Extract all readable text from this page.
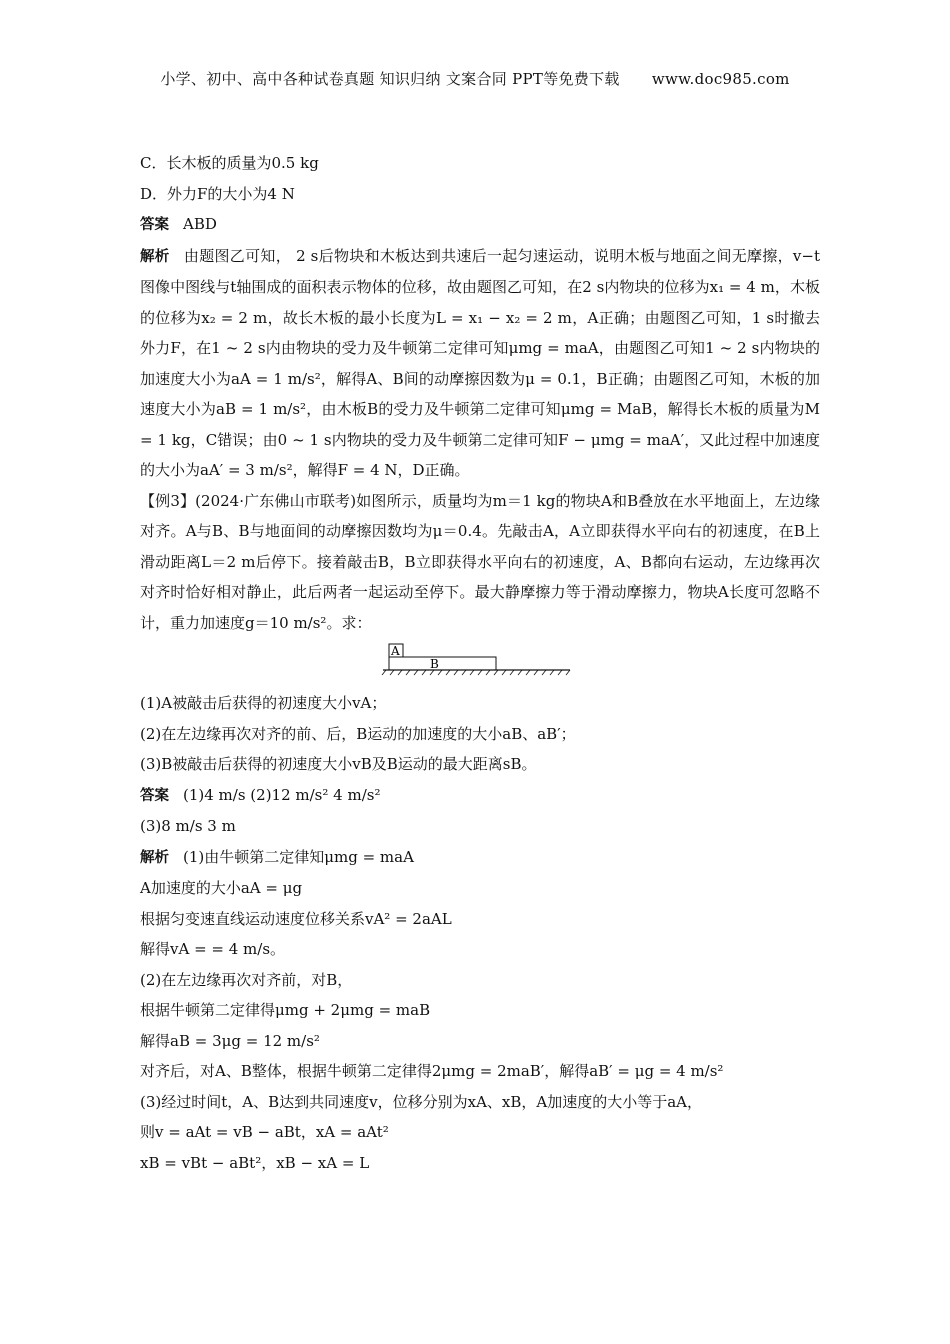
小学、初中、高中各种试卷真题 知识归纳 文案合同 PPT等免费下载 www.doc985.com
C．长木板的质量为0.5 kg
D．外力F的大小为4 N
答案 ABD
解析 由题图乙可知， 2 s后物块和木板达到共速后一起匀速运动，说明木板与地面之间无摩擦，v−t图像中图线与t轴围成的面积表示物体的位移，故由题图乙可知，在2 s内物块的位移为x₁ = 4 m，木板的位移为x₂ = 2 m，故长木板的最小长度为L = x₁ − x₂ = 2 m，A正确；由题图乙可知，1 s时撤去外力F，在1 ~ 2 s内由物块的受力及牛顿第二定律可知μmg = maA，由题图乙可知1 ~ 2 s内物块的加速度大小为aA = 1 m/s²，解得A、B间的动摩擦因数为μ = 0.1，B正确；由题图乙可知，木板的加速度大小为aB = 1 m/s²，由木板B的受力及牛顿第二定律可知μmg = MaB，解得长木板的质量为M = 1 kg，C错误；由0 ~ 1 s内物块的受力及牛顿第二定律可知F − μmg = maA′，又此过程中加速度的大小为aA′ = 3 m/s²，解得F = 4 N，D正确。
【例3】(2024·广东佛山市联考)如图所示，质量均为m＝1 kg的物块A和B叠放在水平地面上，左边缘对齐。A与B、B与地面间的动摩擦因数均为μ＝0.4。先敲击A，A立即获得水平向右的初速度，在B上滑动距离L＝2 m后停下。接着敲击B，B立即获得水平向右的初速度，A、B都向右运动，左边缘再次对齐时恰好相对静止，此后两者一起运动至停下。最大静摩擦力等于滑动摩擦力，物块A长度可忽略不计，重力加速度g＝10 m/s²。求：
A
B
(1)A被敲击后获得的初速度大小vA；
(2)在左边缘再次对齐的前、后，B运动的加速度的大小aB、aB′；
(3)B被敲击后获得的初速度大小vB及B运动的最大距离sB。
答案 (1)4 m/s (2)12 m/s² 4 m/s²
(3)8 m/s 3 m
解析 (1)由牛顿第二定律知μmg = maA
A加速度的大小aA = μg
根据匀变速直线运动速度位移关系vA² = 2aAL
解得vA = = 4 m/s。
(2)在左边缘再次对齐前，对B，
根据牛顿第二定律得μmg + 2μmg = maB
解得aB = 3μg = 12 m/s²
对齐后，对A、B整体，根据牛顿第二定律得2μmg = 2maB′，解得aB′ = μg = 4 m/s²
(3)经过时间t，A、B达到共同速度v，位移分别为xA、xB，A加速度的大小等于aA，
则v = aAt = vB − aBt，xA = aAt²
xB = vBt − aBt²，xB − xA = L
